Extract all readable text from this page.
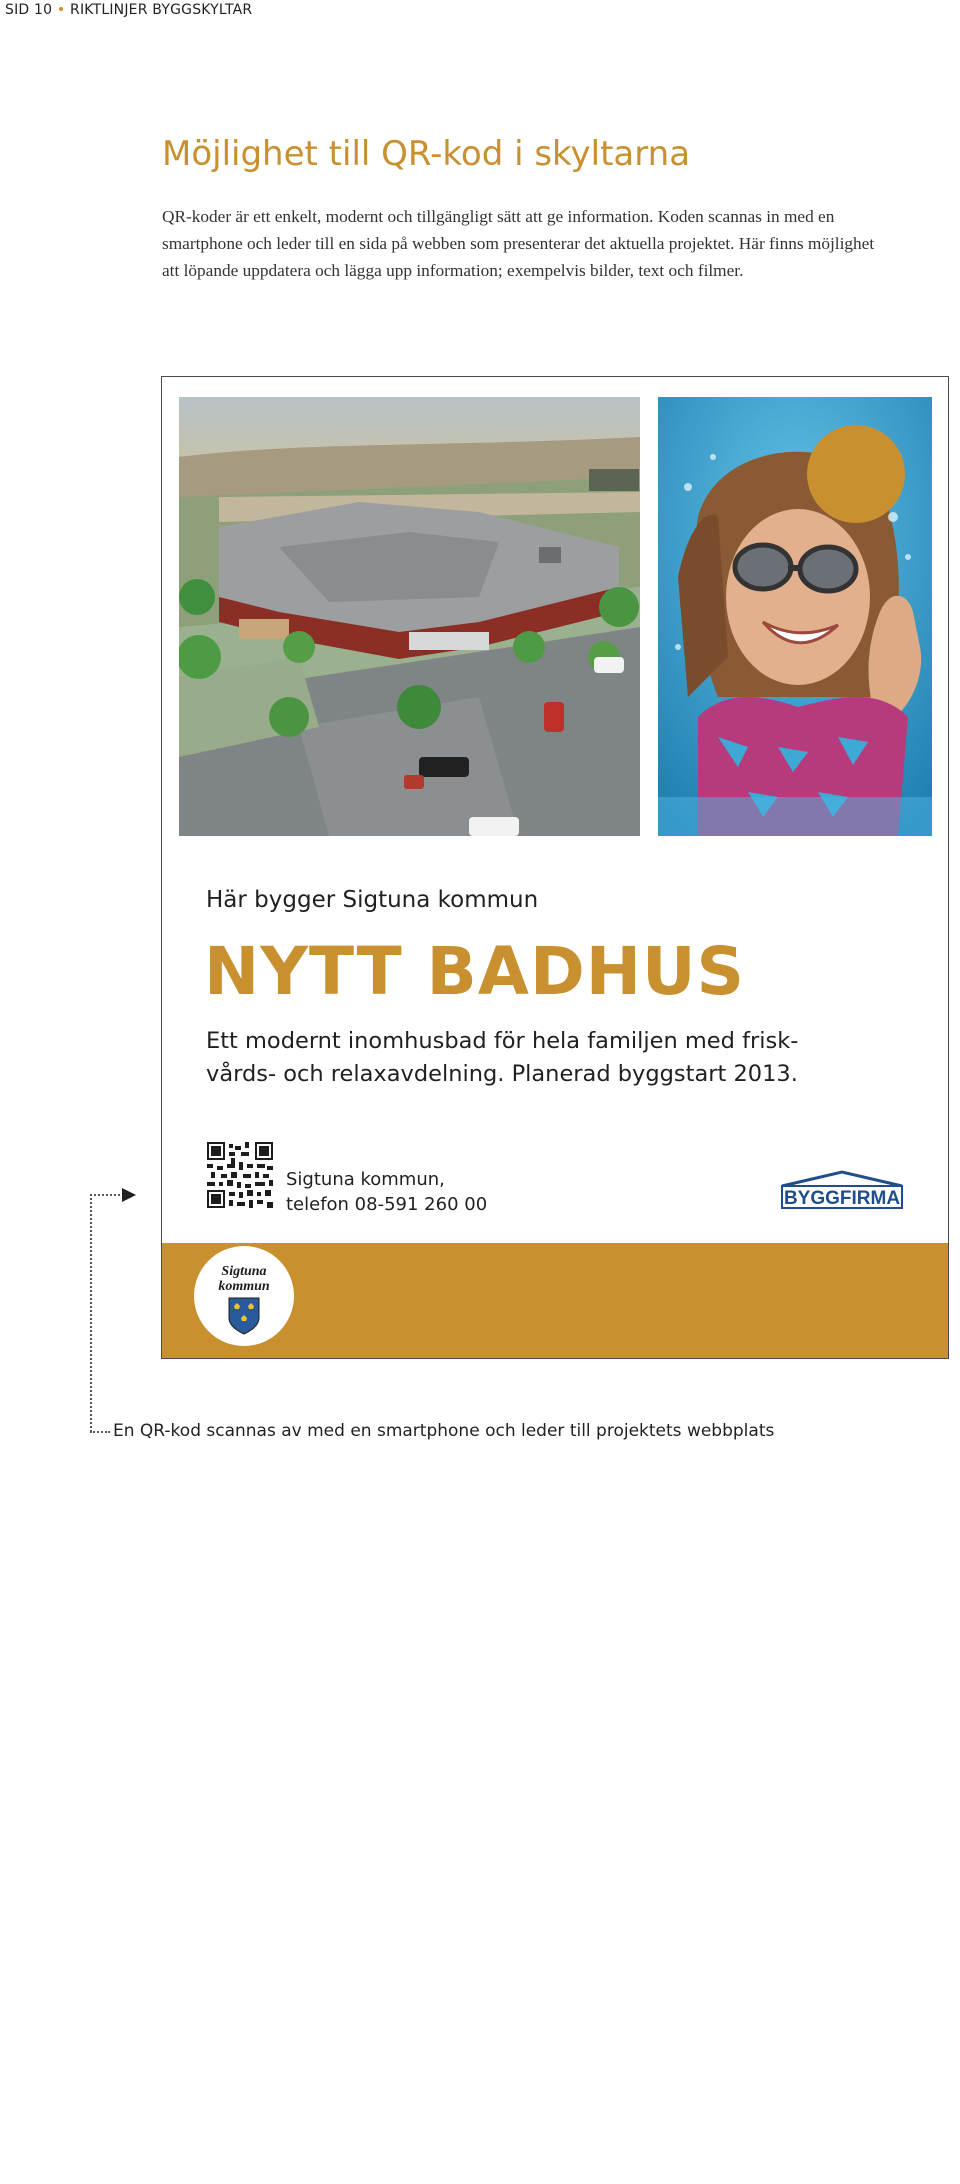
SID 10 • RIKTLINJER BYGGSKYLTAR
Möjlighet till QR-kod i skyltarna
QR-koder är ett enkelt, modernt och tillgängligt sätt att ge information. Koden scannas in med en
smartphone och leder till en sida på webben som presenterar det aktuella projektet. Här finns möjlighet
att löpande uppdatera och lägga upp information; exempelvis bilder, text och filmer.
Här bygger Sigtuna kommun
NYTT BADHUS
Ett modernt inomhusbad för hela familjen med frisk-
vårds- och relaxavdelning. Planerad byggstart 2013.
Sigtuna kommun,
telefon 08-591 260 00	BYGGFIRMA
www.sigtuna.se
Sigtuna
kommun
En QR-kod scannas av med en smartphone och leder till projektets webbplats
